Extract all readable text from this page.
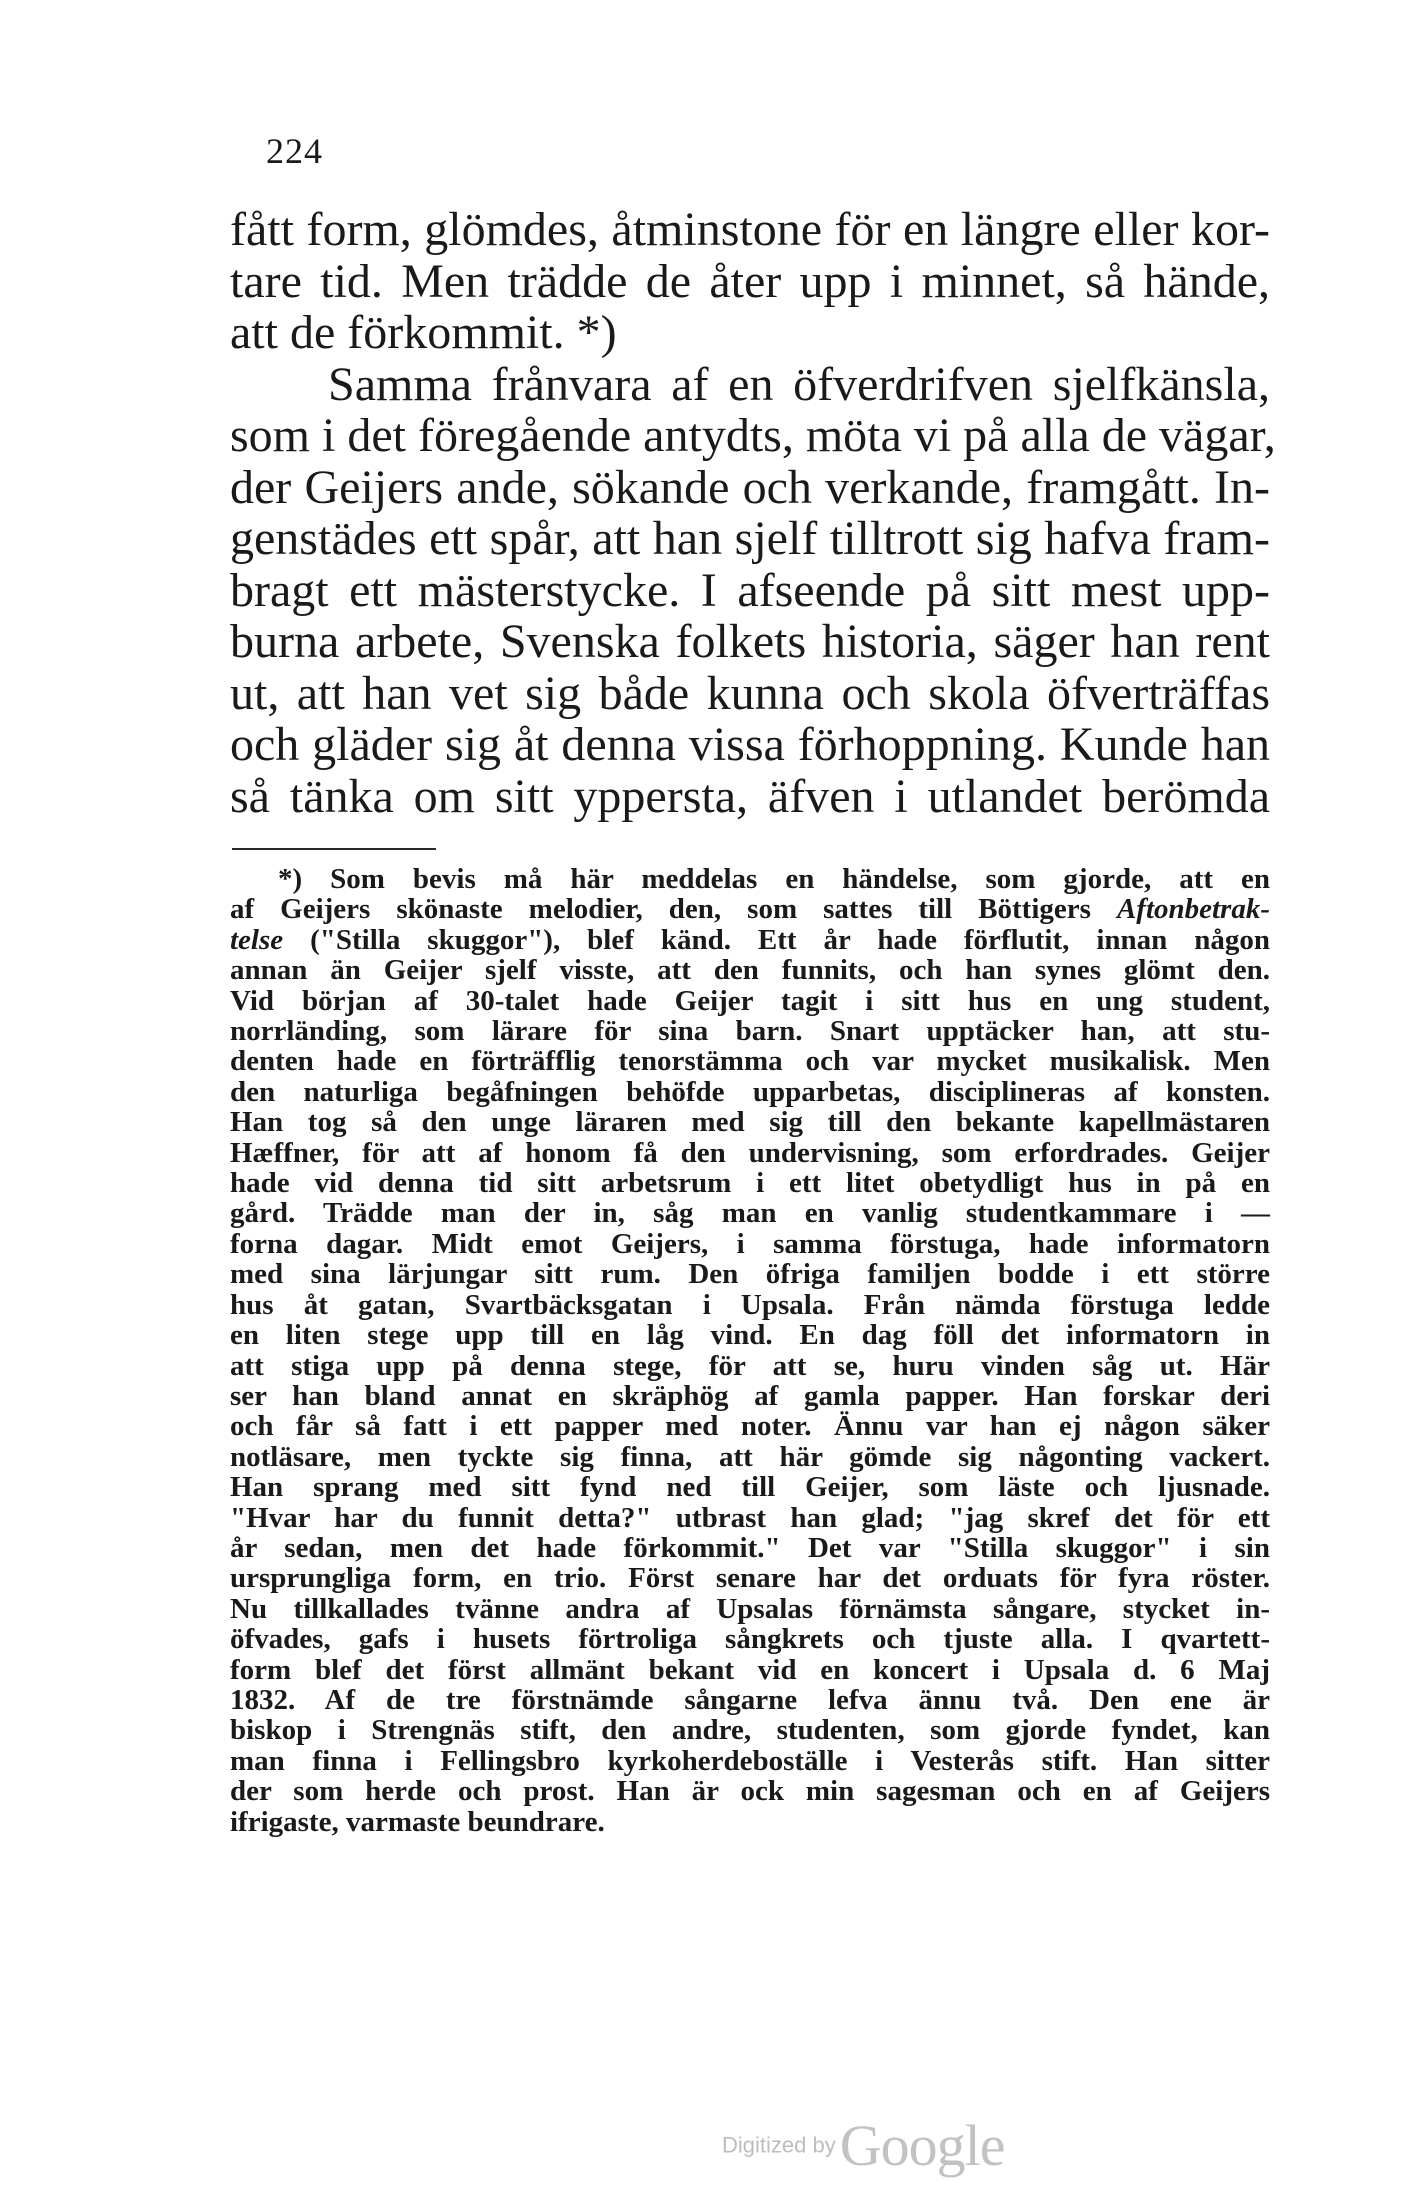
224
fått form, glömdes, åtminstone för en längre eller kor-
tare tid. Men trädde de åter upp i minnet, så hände,
att de förkommit. *)
Samma frånvara af en öfverdrifven sjelfkänsla,
som i det föregående antydts, möta vi på alla de vägar,
der Geijers ande, sökande och verkande, framgått. In-
genstädes ett spår, att han sjelf tilltrott sig hafva fram-
bragt ett mästerstycke. I afseende på sitt mest upp-
burna arbete, Svenska folkets historia, säger han rent
ut, att han vet sig både kunna och skola öfverträffas
och gläder sig åt denna vissa förhoppning. Kunde han
så tänka om sitt yppersta, äfven i utlandet berömda
*) Som bevis må här meddelas en händelse, som gjorde, att en
af Geijers skönaste melodier, den, som sattes till Böttigers Aftonbetrak-
telse ("Stilla skuggor"), blef känd. Ett år hade förflutit, innan någon
annan än Geijer sjelf visste, att den funnits, och han synes glömt den.
Vid början af 30-talet hade Geijer tagit i sitt hus en ung student,
norrländing, som lärare för sina barn. Snart upptäcker han, att stu-
denten hade en förträfflig tenorstämma och var mycket musikalisk. Men
den naturliga begåfningen behöfde upparbetas, disciplineras af konsten.
Han tog så den unge läraren med sig till den bekante kapellmästaren
Hæffner, för att af honom få den undervisning, som erfordrades. Geijer
hade vid denna tid sitt arbetsrum i ett litet obetydligt hus in på en
gård. Trädde man der in, såg man en vanlig studentkammare i —
forna dagar. Midt emot Geijers, i samma förstuga, hade informatorn
med sina lärjungar sitt rum. Den öfriga familjen bodde i ett större
hus åt gatan, Svartbäcksgatan i Upsala. Från nämda förstuga ledde
en liten stege upp till en låg vind. En dag föll det informatorn in
att stiga upp på denna stege, för att se, huru vinden såg ut. Här
ser han bland annat en skräphög af gamla papper. Han forskar deri
och får så fatt i ett papper med noter. Ännu var han ej någon säker
notläsare, men tyckte sig finna, att här gömde sig någonting vackert.
Han sprang med sitt fynd ned till Geijer, som läste och ljusnade.
"Hvar har du funnit detta?" utbrast han glad; "jag skref det för ett
år sedan, men det hade förkommit." Det var "Stilla skuggor" i sin
ursprungliga form, en trio. Först senare har det orduats för fyra röster.
Nu tillkallades tvänne andra af Upsalas förnämsta sångare, stycket in-
öfvades, gafs i husets förtroliga sångkrets och tjuste alla. I qvartett-
form blef det först allmänt bekant vid en koncert i Upsala d. 6 Maj
1832. Af de tre förstnämde sångarne lefva ännu två. Den ene är
biskop i Strengnäs stift, den andre, studenten, som gjorde fyndet, kan
man finna i Fellingsbro kyrkoherdeboställe i Vesterås stift. Han sitter
der som herde och prost. Han är ock min sagesman och en af Geijers
ifrigaste, varmaste beundrare.
Digitized by Google
